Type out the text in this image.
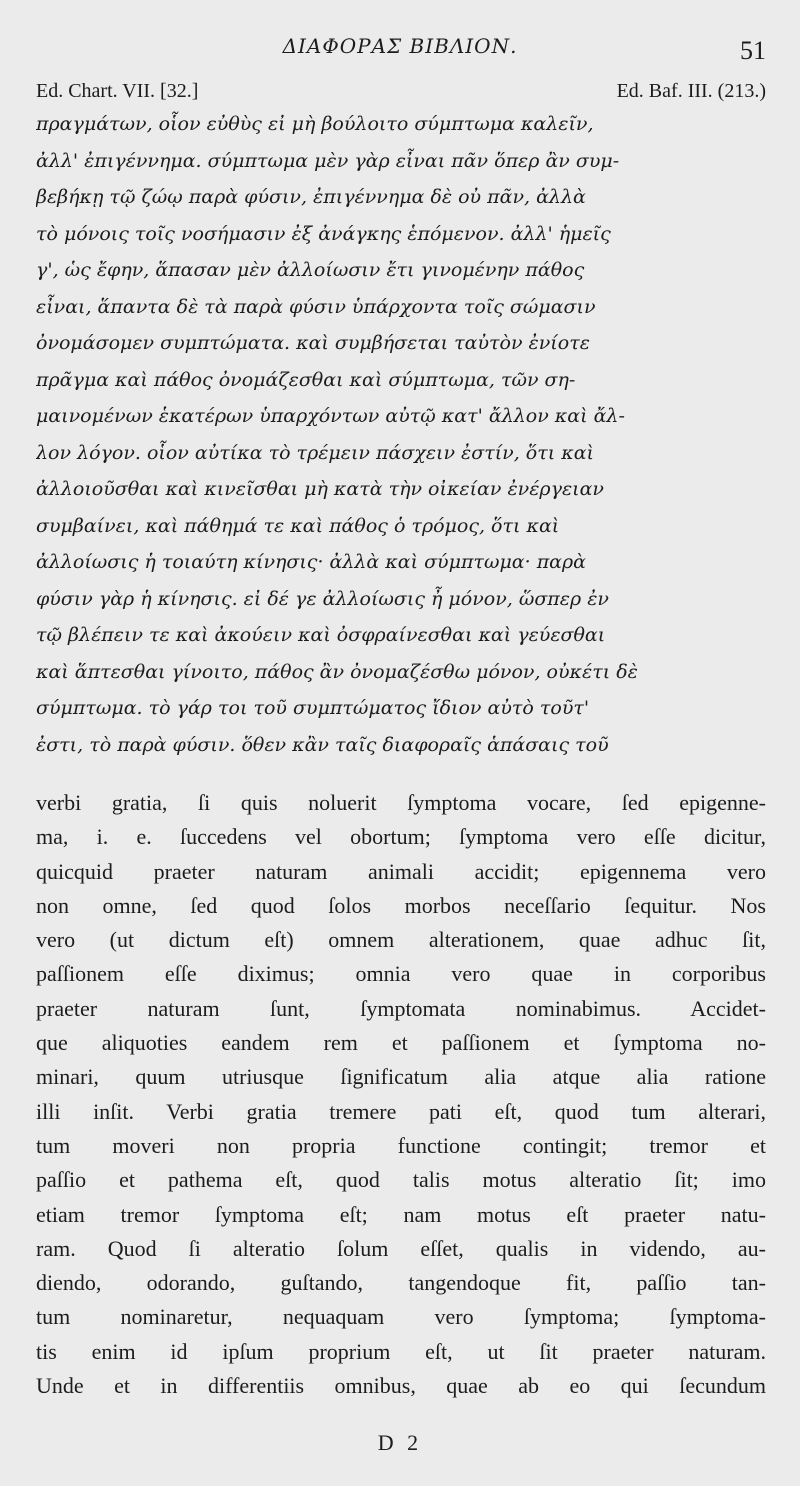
ΔΙΑΦΟΡΑΣ ΒΙΒΛΙΟΝ.	51
Ed. Chart. VII. [32.]	Ed. Baf. III. (213.)
πραγμάτων, οἷον εὐθὺς εἰ μὴ βούλοιτο σύμπτωμα καλεῖν,
ἀλλ' ἐπιγέννημα. σύμπτωμα μὲν γὰρ εἶναι πᾶν ὅπερ ἂν συμ-
βεβήκῃ τῷ ζώῳ παρὰ φύσιν, ἐπιγέννημα δὲ οὐ πᾶν, ἀλλὰ
τὸ μόνοις τοῖς νοσήμασιν ἐξ ἀνάγκης ἑπόμενον. ἀλλ' ἡμεῖς
γ', ὡς ἔφην, ἅπασαν μὲν ἀλλοίωσιν ἔτι γινομένην πάθος
εἶναι, ἅπαντα δὲ τὰ παρὰ φύσιν ὑπάρχοντα τοῖς σώμασιν
ὀνομάσομεν συμπτώματα. καὶ συμβήσεται ταὐτὸν ἐνίοτε
πρᾶγμα καὶ πάθος ὀνομάζεσθαι καὶ σύμπτωμα, τῶν ση-
μαινομένων ἑκατέρων ὑπαρχόντων αὐτῷ κατ' ἄλλον καὶ ἄλ-
λον λόγον. οἷον αὐτίκα τὸ τρέμειν πάσχειν ἐστίν, ὅτι καὶ
ἀλλοιοῦσθαι καὶ κινεῖσθαι μὴ κατὰ τὴν οἰκείαν ἐνέργειαν
συμβαίνει, καὶ πάθημά τε καὶ πάθος ὁ τρόμος, ὅτι καὶ
ἀλλοίωσις ἡ τοιαύτη κίνησις· ἀλλὰ καὶ σύμπτωμα· παρὰ
φύσιν γὰρ ἡ κίνησις. εἰ δέ γε ἀλλοίωσις ἦ μόνον, ὥσπερ ἐν
τῷ βλέπειν τε καὶ ἀκούειν καὶ ὀσφραίνεσθαι καὶ γεύεσθαι
καὶ ἅπτεσθαι γίνοιτο, πάθος ἂν ὀνομαζέσθω μόνον, οὐκέτι δὲ
σύμπτωμα. τὸ γάρ τοι τοῦ συμπτώματος ἴδιον αὐτὸ τοῦτ'
ἐστι, τὸ παρὰ φύσιν. ὅθεν κἂν ταῖς διαφοραῖς ἁπάσαις τοῦ
verbi gratia, ſi quis noluerit ſymptoma vocare, ſed epigenne-
ma, i. e. ſuccedens vel obortum; ſymptoma vero eſſe dicitur,
quicquid praeter naturam animali accidit; epigennema vero
non omne, ſed quod ſolos morbos neceſſario ſequitur. Nos
vero (ut dictum eſt) omnem alterationem, quae adhuc ſit,
paſſionem eſſe diximus; omnia vero quae in corporibus
praeter naturam ſunt, ſymptomata nominabimus. Accidet-
que aliquoties eandem rem et paſſionem et ſymptoma no-
minari, quum utriusque ſignificatum alia atque alia ratione
illi inſit. Verbi gratia tremere pati eſt, quod tum alterari,
tum moveri non propria functione contingit; tremor et
paſſio et pathema eſt, quod talis motus alteratio ſit; imo
etiam tremor ſymptoma eſt; nam motus eſt praeter natu-
ram. Quod ſi alteratio ſolum eſſet, qualis in videndo, au-
diendo, odorando, guſtando, tangendoque fit, paſſio tan-
tum nominaretur, nequaquam vero ſymptoma; ſymptoma-
tis enim id ipſum proprium eſt, ut ſit praeter naturam.
Unde et in differentiis omnibus, quae ab eo qui ſecundum
D 2
